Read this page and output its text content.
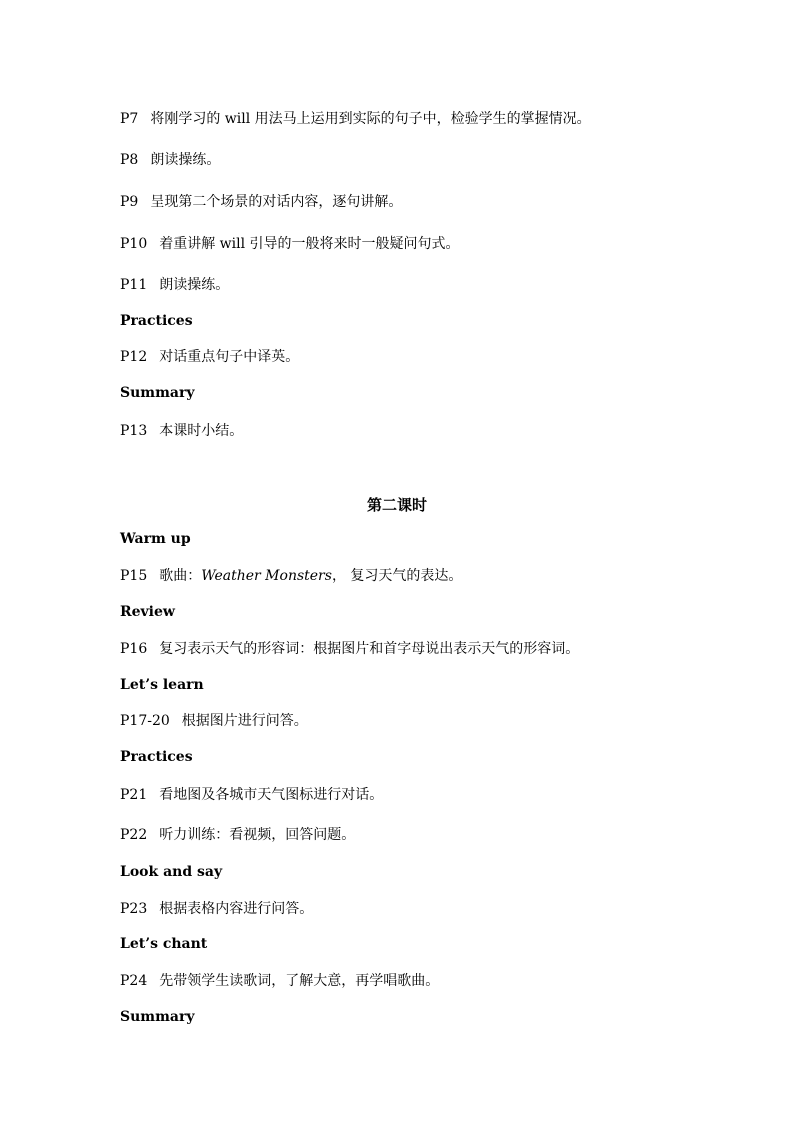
P7 将刚学习的 will 用法马上运用到实际的句子中，检验学生的掌握情况。
P8 朗读操练。
P9 呈现第二个场景的对话内容，逐句讲解。
P10 着重讲解 will 引导的一般将来时一般疑问句式。
P11 朗读操练。
Practices
P12 对话重点句子中译英。
Summary
P13 本课时小结。
第二课时
Warm up
P15 歌曲：Weather Monsters， 复习天气的表达。
Review
P16 复习表示天气的形容词：根据图片和首字母说出表示天气的形容词。
Let’s learn
P17-20 根据图片进行问答。
Practices
P21 看地图及各城市天气图标进行对话。
P22 听力训练：看视频，回答问题。
Look and say
P23 根据表格内容进行问答。
Let’s chant
P24 先带领学生读歌词，了解大意，再学唱歌曲。
Summary
